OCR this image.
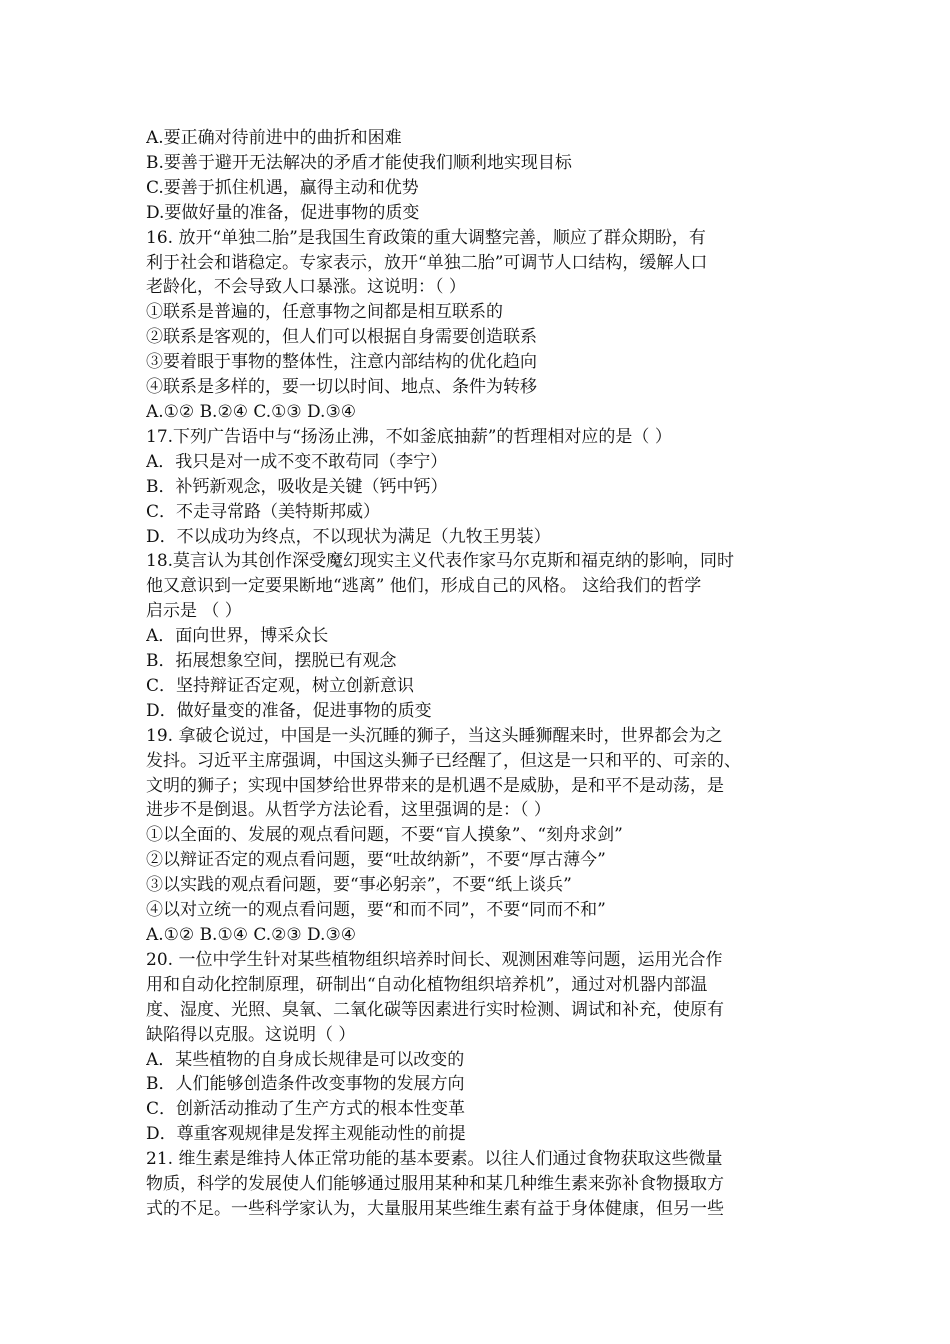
A.要正确对待前进中的曲折和困难
B.要善于避开无法解决的矛盾才能使我们顺利地实现目标
C.要善于抓住机遇，赢得主动和优势
D.要做好量的准备，促进事物的质变
16. 放开“单独二胎”是我国生育政策的重大调整完善，顺应了群众期盼，有
利于社会和谐稳定。专家表示，放开“单独二胎”可调节人口结构，缓解人口
老龄化，不会导致人口暴涨。这说明：（ ）
①联系是普遍的，任意事物之间都是相互联系的
②联系是客观的，但人们可以根据自身需要创造联系
③要着眼于事物的整体性，注意内部结构的优化趋向
④联系是多样的，要一切以时间、地点、条件为转移
A.①② B.②④ C.①③ D.③④
17.下列广告语中与“扬汤止沸，不如釜底抽薪”的哲理相对应的是（ ）
A．我只是对一成不变不敢苟同（李宁）
B．补钙新观念，吸收是关键（钙中钙）
C．不走寻常路（美特斯邦威）
D．不以成功为终点，不以现状为满足（九牧王男装）
18.莫言认为其创作深受魔幻现实主义代表作家马尔克斯和福克纳的影响，同时
他又意识到一定要果断地“逃离” 他们，形成自己的风格。 这给我们的哲学
启示是 （ ）
A．面向世界，博采众长
B．拓展想象空间，摆脱已有观念
C．坚持辩证否定观，树立创新意识
D．做好量变的准备，促进事物的质变
19. 拿破仑说过，中国是一头沉睡的狮子，当这头睡狮醒来时，世界都会为之
发抖。习近平主席强调，中国这头狮子已经醒了，但这是一只和平的、可亲的、
文明的狮子；实现中国梦给世界带来的是机遇不是威胁，是和平不是动荡，是
进步不是倒退。从哲学方法论看，这里强调的是：（ ）
①以全面的、发展的观点看问题，不要“盲人摸象”、“刻舟求剑”
②以辩证否定的观点看问题，要“吐故纳新”，不要“厚古薄今”
③以实践的观点看问题，要“事必躬亲”，不要“纸上谈兵”
④以对立统一的观点看问题，要“和而不同”，不要“同而不和”
A.①② B.①④ C.②③ D.③④
20. 一位中学生针对某些植物组织培养时间长、观测困难等问题，运用光合作
用和自动化控制原理，研制出“自动化植物组织培养机”，通过对机器内部温
度、湿度、光照、臭氧、二氧化碳等因素进行实时检测、调试和补充，使原有
缺陷得以克服。这说明（ ）
A．某些植物的自身成长规律是可以改变的
B．人们能够创造条件改变事物的发展方向
C．创新活动推动了生产方式的根本性变革
D．尊重客观规律是发挥主观能动性的前提
21. 维生素是维持人体正常功能的基本要素。以往人们通过食物获取这些微量
物质，科学的发展使人们能够通过服用某种和某几种维生素来弥补食物摄取方
式的不足。一些科学家认为，大量服用某些维生素有益于身体健康，但另一些
